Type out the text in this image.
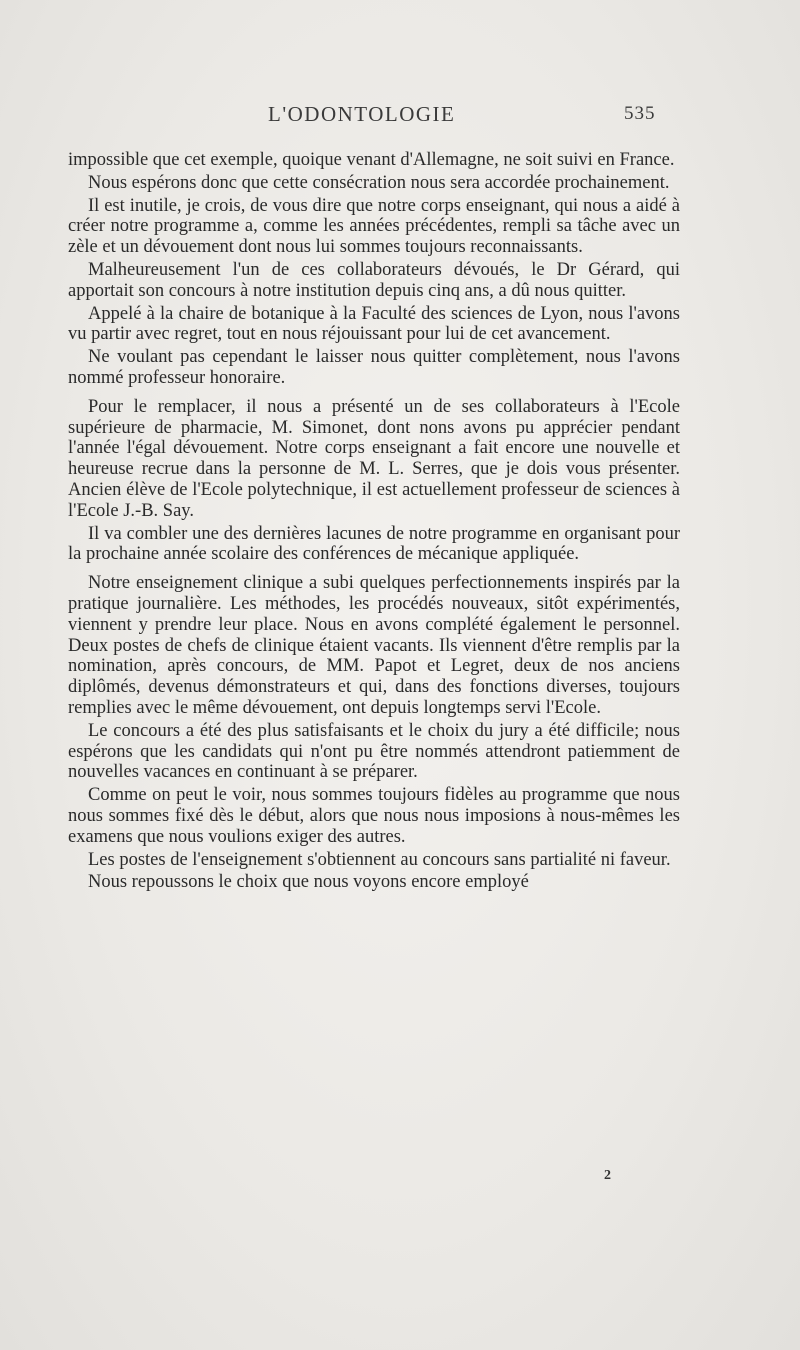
L'ODONTOLOGIE	535

impossible que cet exemple, quoique venant d'Allemagne, ne soit suivi en France.

Nous espérons donc que cette consécration nous sera accordée prochainement.

Il est inutile, je crois, de vous dire que notre corps enseignant, qui nous a aidé à créer notre programme a, comme les années précédentes, rempli sa tâche avec un zèle et un dévouement dont nous lui sommes toujours reconnaissants.

Malheureusement l'un de ces collaborateurs dévoués, le Dr Gérard, qui apportait son concours à notre institution depuis cinq ans, a dû nous quitter.

Appelé à la chaire de botanique à la Faculté des sciences de Lyon, nous l'avons vu partir avec regret, tout en nous réjouissant pour lui de cet avancement.

Ne voulant pas cependant le laisser nous quitter complètement, nous l'avons nommé professeur honoraire.

Pour le remplacer, il nous a présenté un de ses collaborateurs à l'Ecole supérieure de pharmacie, M. Simonet, dont nons avons pu apprécier pendant l'année l'égal dévouement. Notre corps enseignant a fait encore une nouvelle et heureuse recrue dans la personne de M. L. Serres, que je dois vous présenter. Ancien élève de l'Ecole polytechnique, il est actuellement professeur de sciences à l'Ecole J.-B. Say.

Il va combler une des dernières lacunes de notre programme en organisant pour la prochaine année scolaire des conférences de mécanique appliquée.

Notre enseignement clinique a subi quelques perfectionnements inspirés par la pratique journalière. Les méthodes, les procédés nouveaux, sitôt expérimentés, viennent y prendre leur place. Nous en avons complété également le personnel. Deux postes de chefs de clinique étaient vacants. Ils viennent d'être remplis par la nomination, après concours, de MM. Papot et Legret, deux de nos anciens diplômés, devenus démonstrateurs et qui, dans des fonctions diverses, toujours remplies avec le même dévouement, ont depuis longtemps servi l'Ecole.

Le concours a été des plus satisfaisants et le choix du jury a été difficile; nous espérons que les candidats qui n'ont pu être nommés attendront patiemment de nouvelles vacances en continuant à se préparer.

Comme on peut le voir, nous sommes toujours fidèles au programme que nous nous sommes fixé dès le début, alors que nous nous imposions à nous-mêmes les examens que nous voulions exiger des autres.

Les postes de l'enseignement s'obtiennent au concours sans partialité ni faveur.

Nous repoussons le choix que nous voyons encore employé

2
